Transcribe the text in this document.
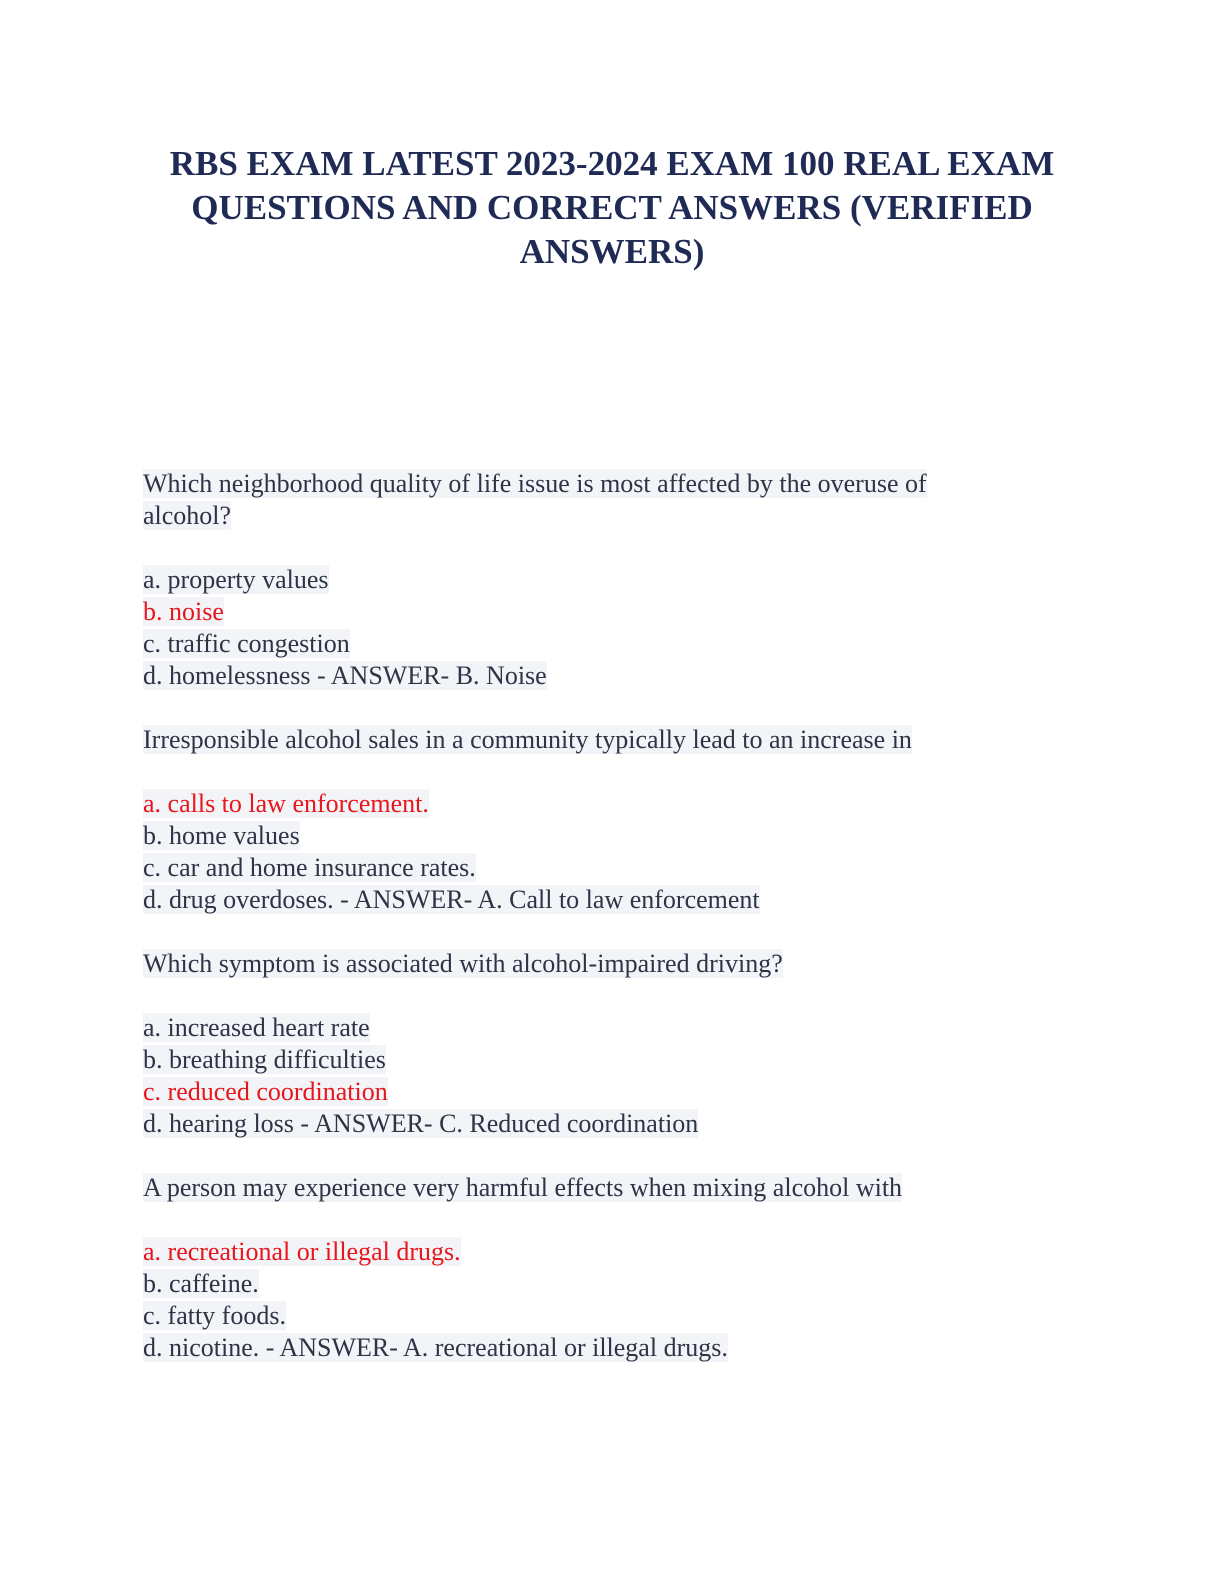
RBS EXAM LATEST 2023-2024 EXAM 100 REAL EXAM
QUESTIONS AND CORRECT ANSWERS (VERIFIED
ANSWERS)
Which neighborhood quality of life issue is most affected by the overuse of
alcohol?
a. property values
b. noise
c. traffic congestion
d. homelessness - ANSWER- B. Noise
Irresponsible alcohol sales in a community typically lead to an increase in
a. calls to law enforcement.
b. home values
c. car and home insurance rates.
d. drug overdoses. - ANSWER- A. Call to law enforcement
Which symptom is associated with alcohol-impaired driving?
a. increased heart rate
b. breathing difficulties
c. reduced coordination
d. hearing loss - ANSWER- C. Reduced coordination
A person may experience very harmful effects when mixing alcohol with
a. recreational or illegal drugs.
b. caffeine.
c. fatty foods.
d. nicotine. - ANSWER- A. recreational or illegal drugs.
